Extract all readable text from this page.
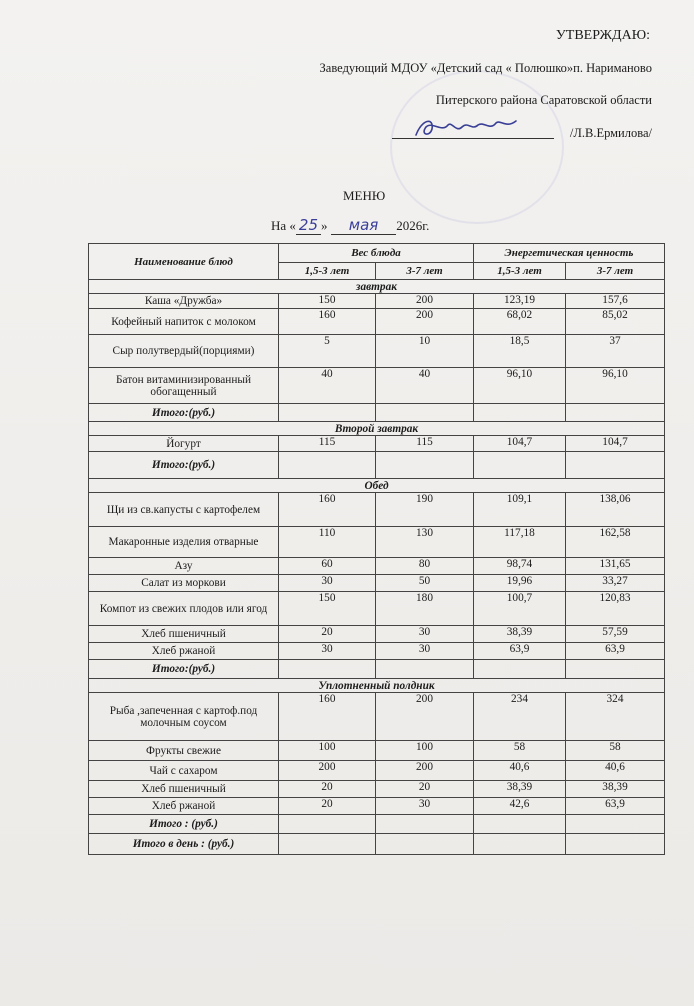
УТВЕРЖДАЮ:
Заведующий МДОУ «Детский сад « Полюшко»п. Нариманово
Питерского района Саратовской области
/Л.В.Ермилова/
МЕНЮ
На « 25 » мая 2026г.
Наименование блюд	Вес блюда		Энергетическая ценность	
	1,5-3 лет	3-7 лет	1,5-3 лет	3-7 лет
завтрак				
Каша «Дружба»	150	200	123,19	157,6
Кофейный напиток с молоком	160	200	68,02	85,02
Сыр полутвердый(порциями)	5	10	18,5	37
Батон витаминизированный обогащенный	40	40	96,10	96,10
Итого:(руб.)				
Второй завтрак				
Йогурт	115	115	104,7	104,7
Итого:(руб.)				
Обед				
Щи из св.капусты с картофелем	160	190	109,1	138,06
Макаронные изделия отварные	110	130	117,18	162,58
Азу	60	80	98,74	131,65
Салат из моркови	30	50	19,96	33,27
Компот из свежих плодов или ягод	150	180	100,7	120,83
Хлеб пшеничный	20	30	38,39	57,59
Хлеб ржаной	30	30	63,9	63,9
Итого:(руб.)				
Уплотненный полдник				
Рыба ,запеченная с картоф.под молочным соусом	160	200	234	324
Фрукты свежие	100	100	58	58
Чай с сахаром	200	200	40,6	40,6
Хлеб пшеничный	20	20	38,39	38,39
Хлеб ржаной	20	30	42,6	63,9
Итого : (руб.)				
Итого в день : (руб.)				
